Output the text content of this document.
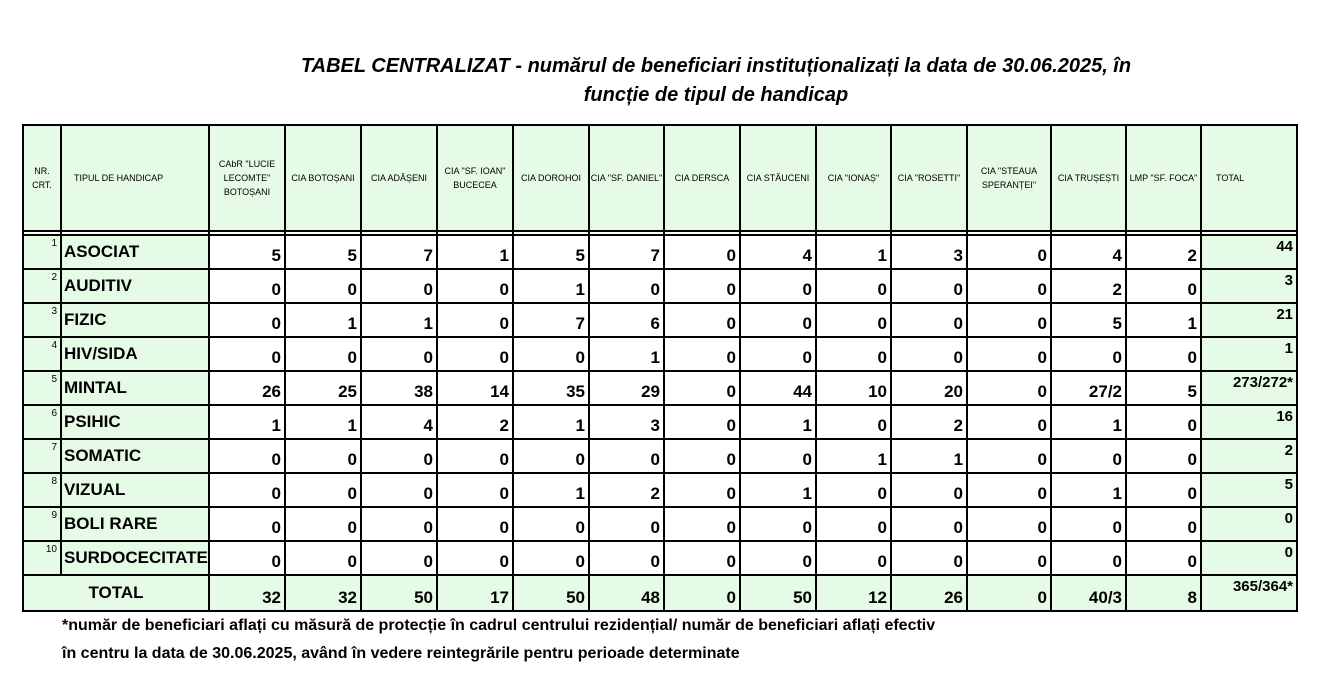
TABEL CENTRALIZAT - numărul de beneficiari instituționalizați la data de 30.06.2025, în
funcție de tipul de handicap
NR. CRT.	TIPUL DE HANDICAP	CAbR "LUCIE LECOMTE" BOTOȘANI	CIA BOTOȘANI	CIA ADĂȘENI	CIA "SF. IOAN" BUCECEA	CIA DOROHOI	CIA "SF. DANIEL"	CIA DERSCA	CIA STĂUCENI	CIA "IONAȘ"	CIA "ROSETTI"	CIA "STEAUA SPERANȚEI"	CIA TRUȘEȘTI	LMP "SF. FOCA"	TOTAL

1	ASOCIAT	5	5	7	1	5	7	0	4	1	3	0	4	2	44
2	AUDITIV	0	0	0	0	1	0	0	0	0	0	0	2	0	3
3	FIZIC	0	1	1	0	7	6	0	0	0	0	0	5	1	21
4	HIV/SIDA	0	0	0	0	0	1	0	0	0	0	0	0	0	1
5	MINTAL	26	25	38	14	35	29	0	44	10	20	0	27/2	5	273/272*
6	PSIHIC	1	1	4	2	1	3	0	1	0	2	0	1	0	16
7	SOMATIC	0	0	0	0	0	0	0	0	1	1	0	0	0	2
8	VIZUAL	0	0	0	0	1	2	0	1	0	0	0	1	0	5
9	BOLI RARE	0	0	0	0	0	0	0	0	0	0	0	0	0	0
10	SURDOCECITATE	0	0	0	0	0	0	0	0	0	0	0	0	0	0
TOTAL		32	32	50	17	50	48	0	50	12	26	0	40/3	8	365/364*
*număr de beneficiari aflați cu măsură de protecție în cadrul centrului rezidențial/ număr de beneficiari aflați efectiv
în centru la data de 30.06.2025, având în vedere reintegrările pentru perioade determinate
